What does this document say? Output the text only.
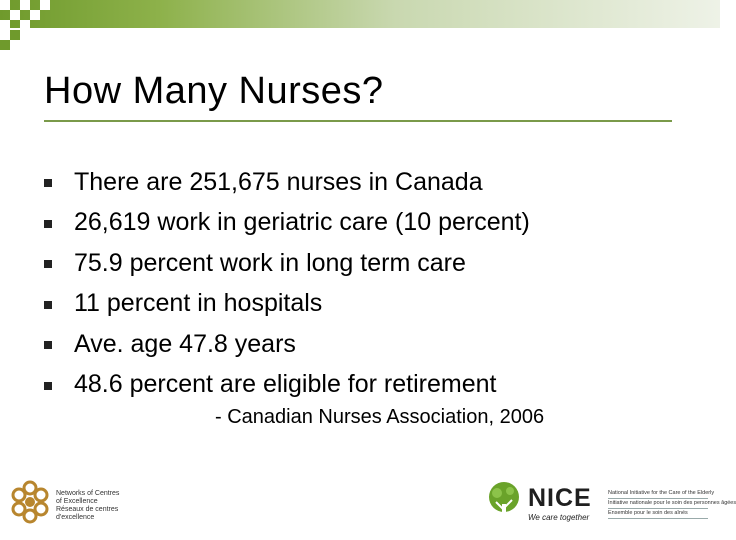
How Many Nurses?
There are 251,675 nurses in Canada
26,619 work in geriatric care (10 percent)
75.9 percent work in long term care
11 percent in hospitals
Ave. age 47.8 years
48.6 percent are eligible for retirement
- Canadian Nurses Association, 2006
Networks of Centres
of Excellence
Réseaux de centres
d'excellence
NICE
We care together
National Initiative for the Care of the Elderly
Initiative nationale pour le soin des personnes âgées
Ensemble pour le soin des aînés
